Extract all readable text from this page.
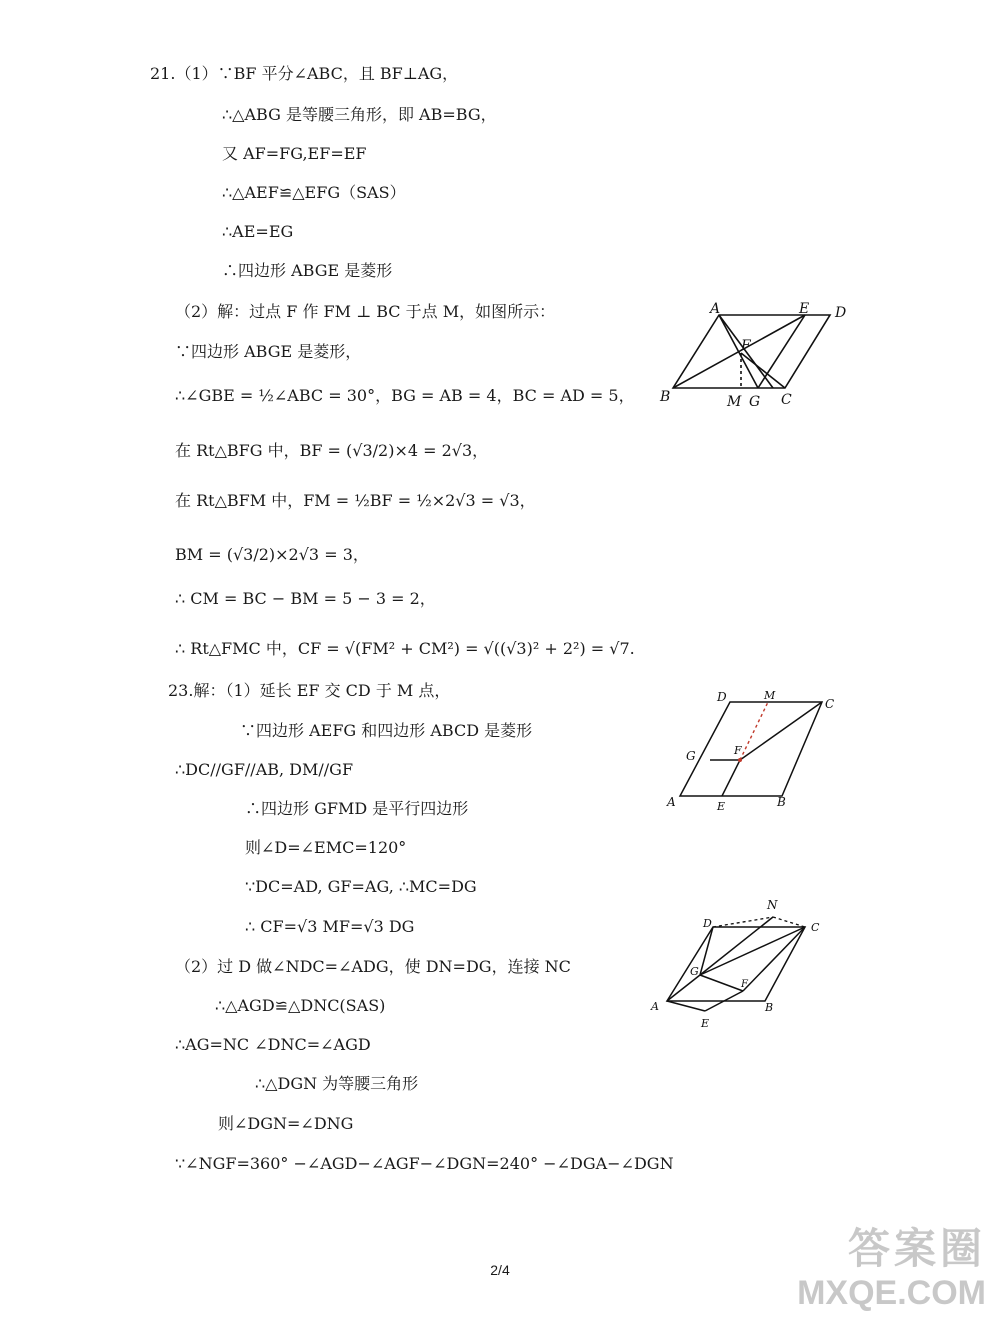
21.（1）∵BF 平分∠ABC，且 BF⊥AG，
∴△ABG 是等腰三角形，即 AB=BG，
又 AF=FG,EF=EF
∴△AEF≌△EFG（SAS）
∴AE=EG
∴四边形 ABGE 是菱形
（2）解：过点 F 作 FM ⊥ BC 于点 M，如图所示：
∵四边形 ABGE 是菱形，
∴∠GBE = ½∠ABC = 30°，BG = AB = 4，BC = AD = 5，
在 Rt△BFG 中，BF = (√3/2)×4 = 2√3，
在 Rt△BFM 中，FM = ½BF = ½×2√3 = √3，
BM = (√3/2)×2√3 = 3，
∴ CM = BC − BM = 5 − 3 = 2，
∴ Rt△FMC 中，CF = √(FM² + CM²) = √((√3)² + 2²) = √7.
A	E D
F
B	M G C
23.解：（1）延长 EF 交 CD 于 M 点，
∵四边形 AEFG 和四边形 ABCD 是菱形
∴DC//GF//AB, DM//GF
∴四边形 GFMD 是平行四边形
则∠D=∠EMC=120°
∵DC=AD, GF=AG, ∴MC=DG
∴ CF=√3 MF=√3 DG
（2）过 D 做∠NDC=∠ADG，使 DN=DG，连接 NC
∴△AGD≌△DNC(SAS)
∴AG=NC ∠DNC=∠AGD
∴△DGN 为等腰三角形
则∠DGN=∠DNG
∵∠NGF=360° −∠AGD−∠AGF−∠DGN=240° −∠DGA−∠DGN
D	M
C
G	F
A	E	B
N
D	C
G
F
A	B
E
2/4	答案圈
MXQE.COM
